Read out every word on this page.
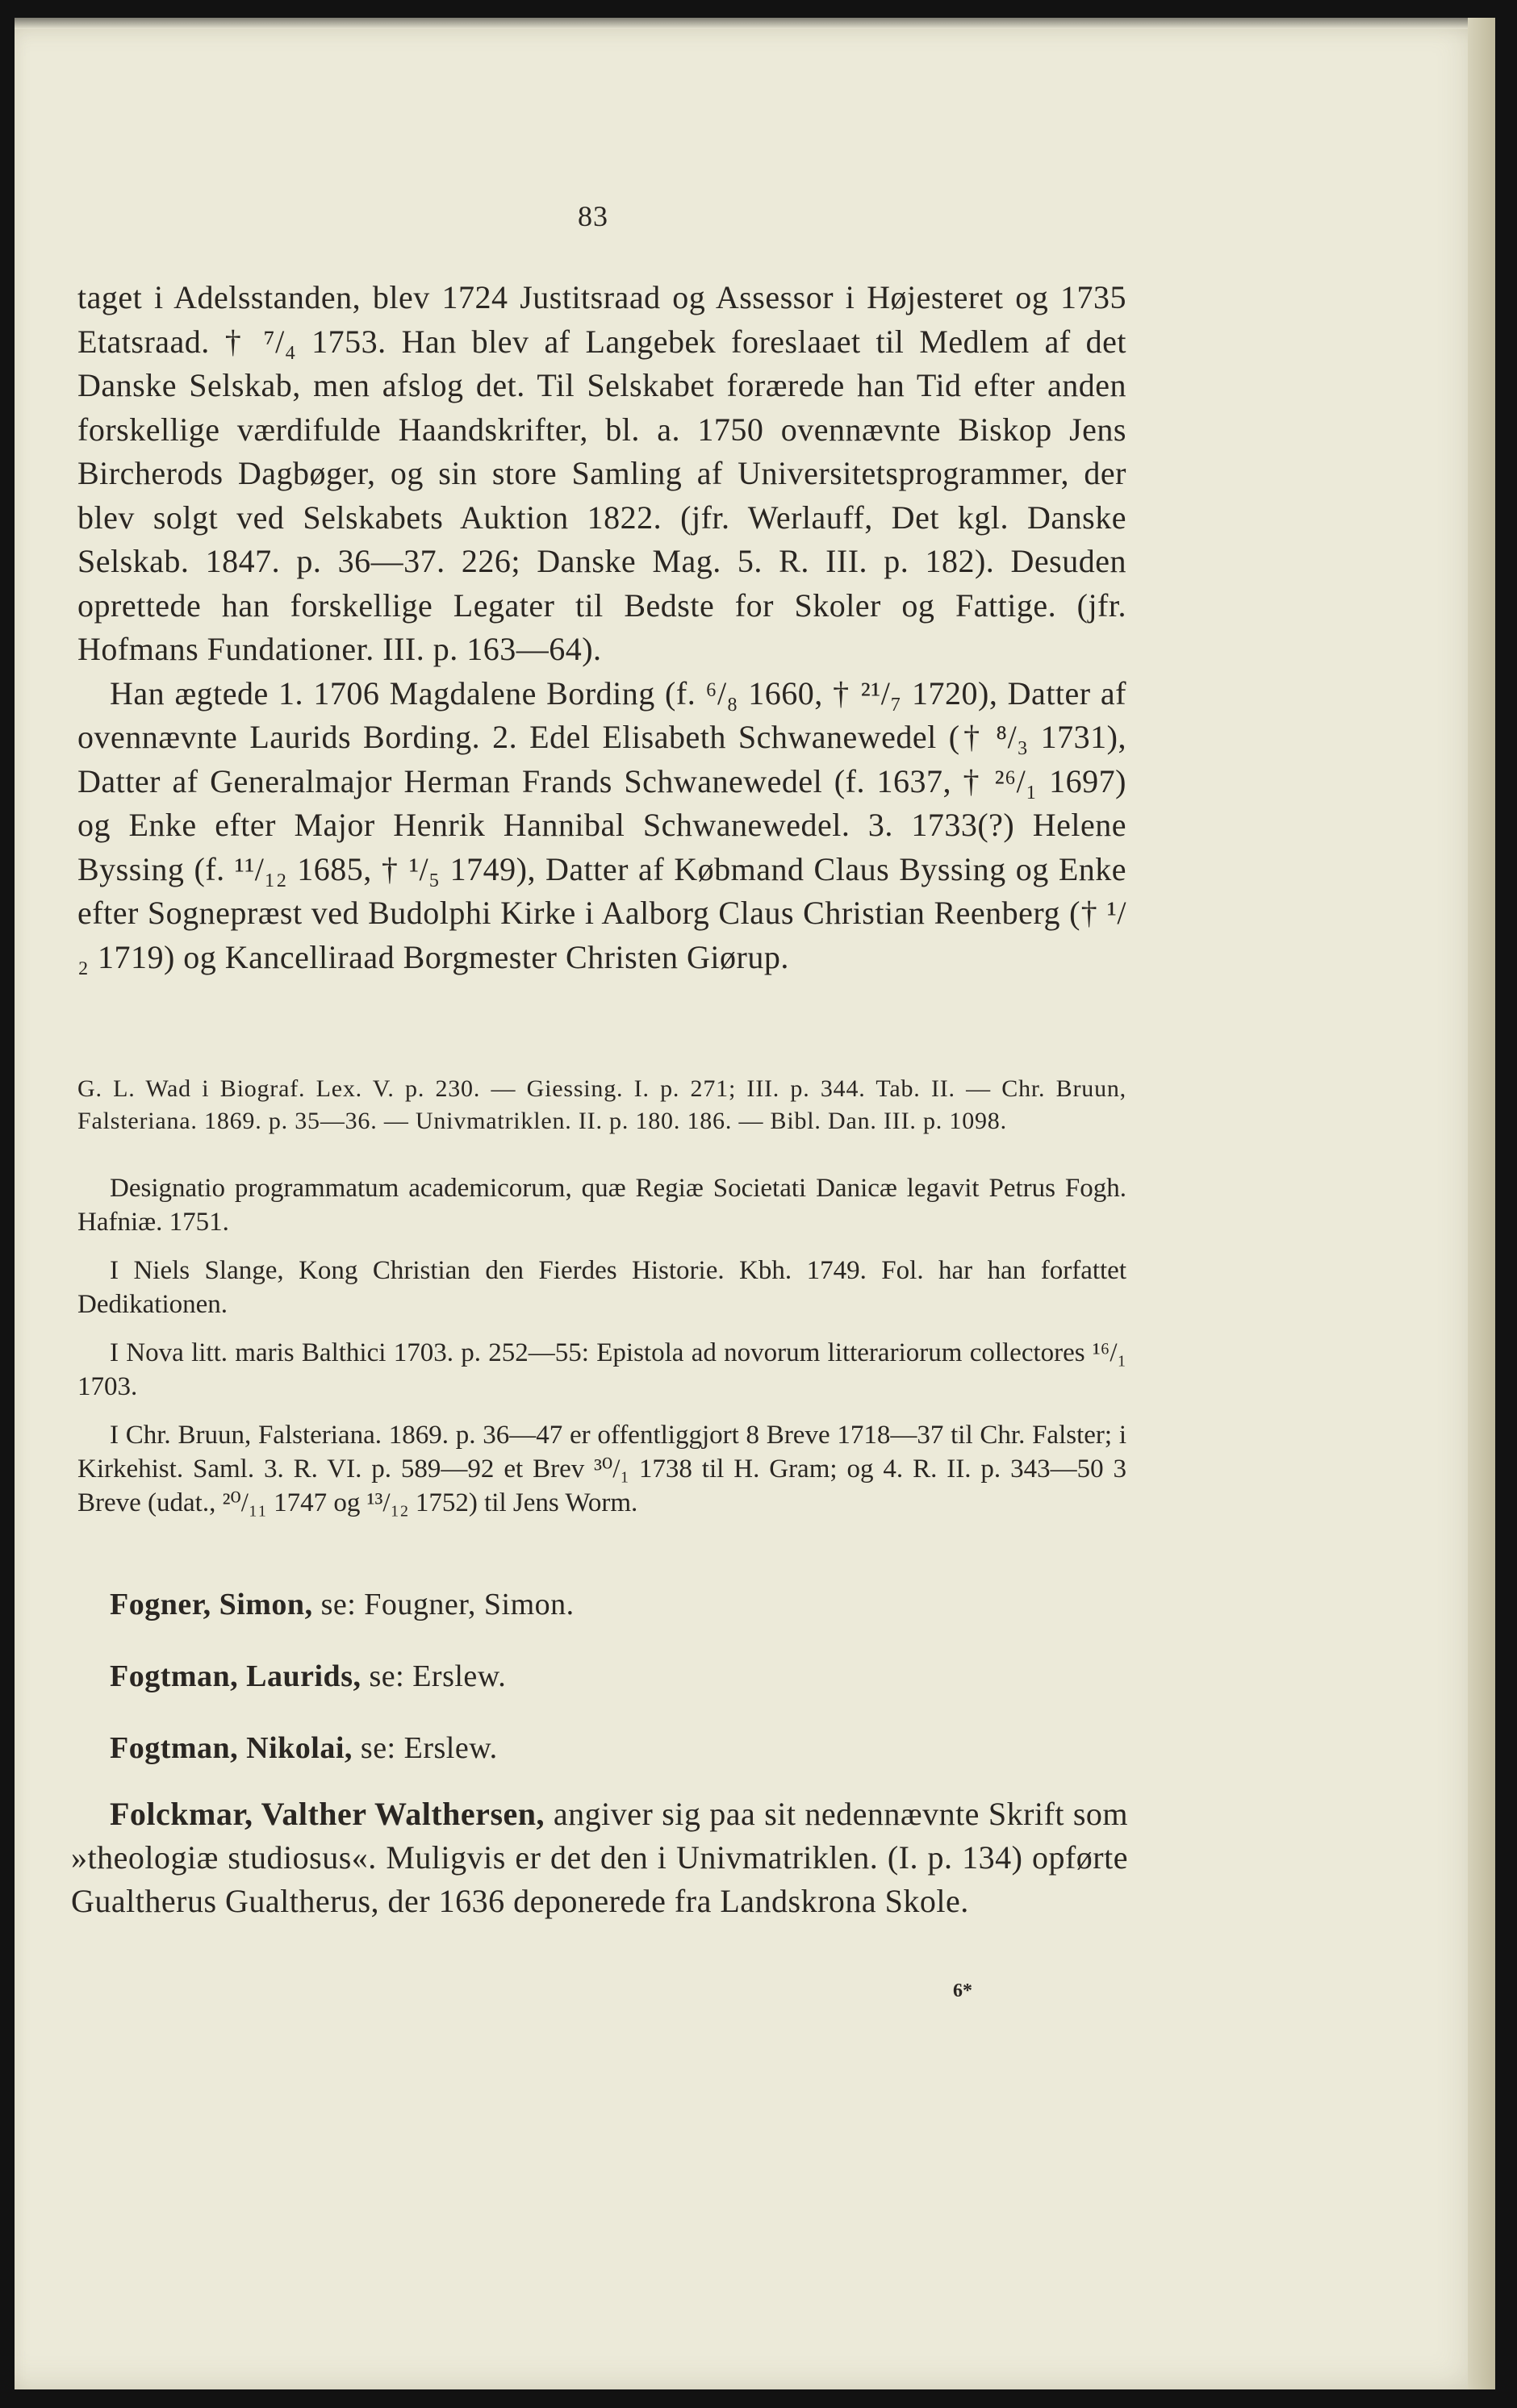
83

taget i Adelsstanden, blev 1724 Justitsraad og Assessor i Højesteret og 1735 Etatsraad. † ⁷/₄ 1753. Han blev af Langebek foreslaaet til Medlem af det Danske Selskab, men afslog det. Til Selskabet forærede han Tid efter anden forskellige værdifulde Haandskrifter, bl. a. 1750 ovennævnte Biskop Jens Bircherods Dagbøger, og sin store Samling af Universitetsprogrammer, der blev solgt ved Selskabets Auktion 1822. (jfr. Werlauff, Det kgl. Danske Selskab. 1847. p. 36—37. 226; Danske Mag. 5. R. III. p. 182). Desuden oprettede han forskellige Legater til Bedste for Skoler og Fattige. (jfr. Hofmans Fundationer. III. p. 163—64).

Han ægtede 1. 1706 Magdalene Bording (f. ⁶/₈ 1660, † ²¹/₇ 1720), Datter af ovennævnte Laurids Bording. 2. Edel Elisabeth Schwanewedel († ⁸/₃ 1731), Datter af Generalmajor Herman Frands Schwanewedel (f. 1637, † ²⁶/₁ 1697) og Enke efter Major Henrik Hannibal Schwanewedel. 3. 1733(?) Helene Byssing (f. ¹¹/₁₂ 1685, † ¹/₅ 1749), Datter af Købmand Claus Byssing og Enke efter Sognepræst ved Budolphi Kirke i Aalborg Claus Christian Reenberg († ¹/₂ 1719) og Kancelliraad Borgmester Christen Giørup.

G. L. Wad i Biograf. Lex. V. p. 230. — Giessing. I. p. 271; III. p. 344. Tab. II. — Chr. Bruun, Falsteriana. 1869. p. 35—36. — Univmatriklen. II. p. 180. 186. — Bibl. Dan. III. p. 1098.

Designatio programmatum academicorum, quæ Regiæ Societati Danicæ legavit Petrus Fogh. Hafniæ. 1751.

I Niels Slange, Kong Christian den Fierdes Historie. Kbh. 1749. Fol. har han forfattet Dedikationen.

I Nova litt. maris Balthici 1703. p. 252—55: Epistola ad novorum litterariorum collectores ¹⁶/₁ 1703.

I Chr. Bruun, Falsteriana. 1869. p. 36—47 er offentliggjort 8 Breve 1718—37 til Chr. Falster; i Kirkehist. Saml. 3. R. VI. p. 589—92 et Brev ³⁰/₁ 1738 til H. Gram; og 4. R. II. p. 343—50 3 Breve (udat., ²⁰/₁₁ 1747 og ¹³/₁₂ 1752) til Jens Worm.

Fogner, Simon, se: Fougner, Simon.
Fogtman, Laurids, se: Erslew.
Fogtman, Nikolai, se: Erslew.
Folckmar, Valther Walthersen, angiver sig paa sit nedennævnte Skrift som »theologiæ studiosus«. Muligvis er det den i Univmatriklen. (I. p. 134) opførte Gualtherus Gualtherus, der 1636 deponerede fra Landskrona Skole.
6*
